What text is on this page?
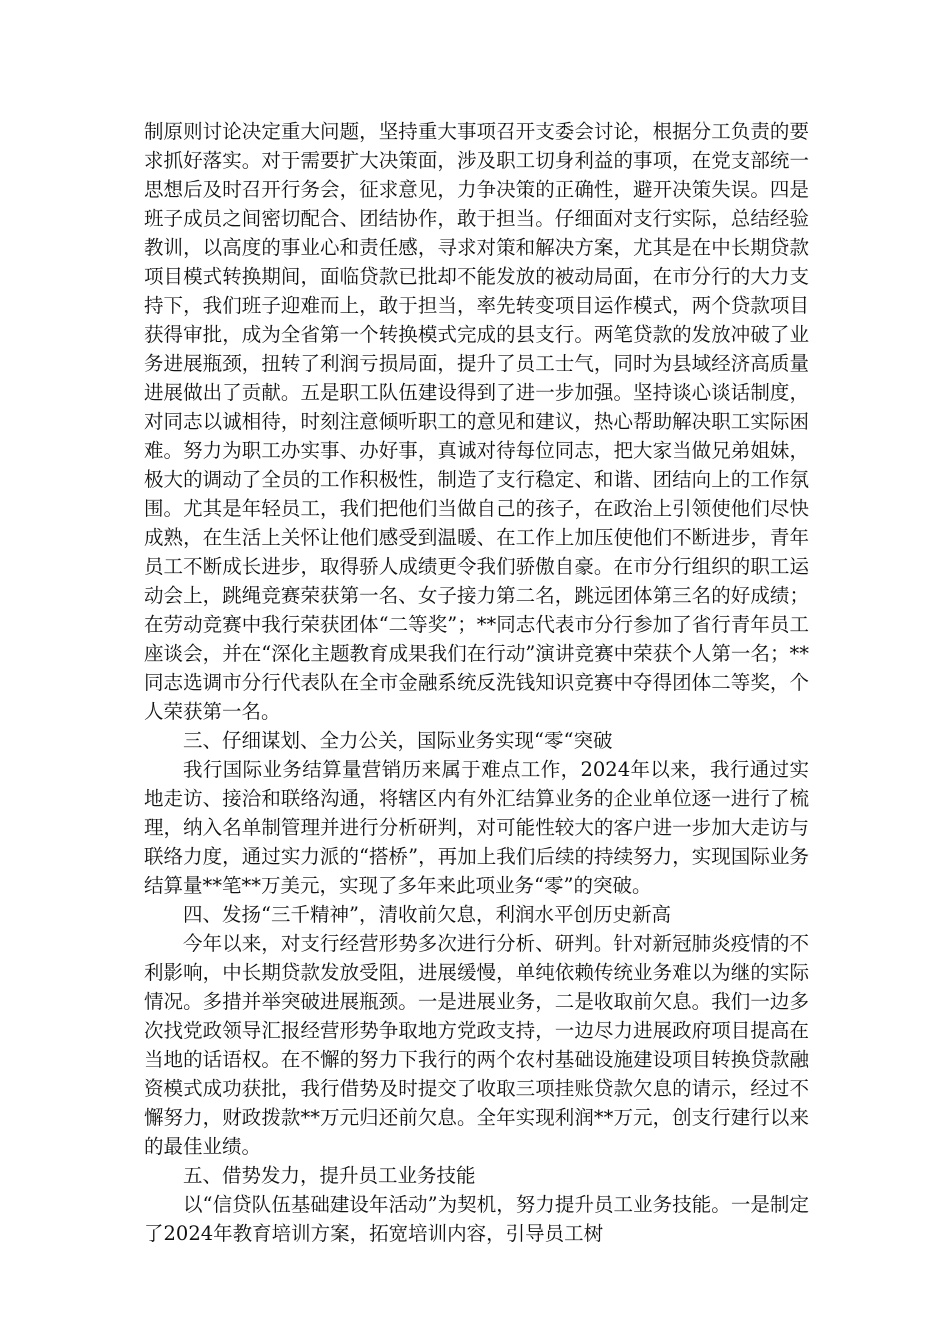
制原则讨论决定重大问题，坚持重大事项召开支委会讨论，根据分工负责的要求抓好落实。对于需要扩大决策面，涉及职工切身利益的事项，在党支部统一思想后及时召开行务会，征求意见，力争决策的正确性，避开决策失误。四是班子成员之间密切配合、团结协作，敢于担当。仔细面对支行实际，总结经验教训，以高度的事业心和责任感，寻求对策和解决方案，尤其是在中长期贷款项目模式转换期间，面临贷款已批却不能发放的被动局面，在市分行的大力支持下，我们班子迎难而上，敢于担当，率先转变项目运作模式，两个贷款项目获得审批，成为全省第一个转换模式完成的县支行。两笔贷款的发放冲破了业务进展瓶颈，扭转了利润亏损局面，提升了员工士气，同时为县域经济高质量进展做出了贡献。五是职工队伍建设得到了进一步加强。坚持谈心谈话制度，对同志以诚相待，时刻注意倾听职工的意见和建议，热心帮助解决职工实际困难。努力为职工办实事、办好事，真诚对待每位同志，把大家当做兄弟姐妹，极大的调动了全员的工作积极性，制造了支行稳定、和谐、团结向上的工作氛围。尤其是年轻员工，我们把他们当做自己的孩子，在政治上引领使他们尽快成熟，在生活上关怀让他们感受到温暖、在工作上加压使他们不断进步，青年员工不断成长进步，取得骄人成绩更令我们骄傲自豪。在市分行组织的职工运动会上，跳绳竞赛荣获第一名、女子接力第二名，跳远团体第三名的好成绩；在劳动竞赛中我行荣获团体“二等奖”；**同志代表市分行参加了省行青年员工座谈会，并在“深化主题教育成果我们在行动”演讲竞赛中荣获个人第一名；**同志选调市分行代表队在全市金融系统反洗钱知识竞赛中夺得团体二等奖，个人荣获第一名。

三、仔细谋划、全力公关，国际业务实现“零“突破

我行国际业务结算量营销历来属于难点工作，2024年以来，我行通过实地走访、接洽和联络沟通，将辖区内有外汇结算业务的企业单位逐一进行了梳理，纳入名单制管理并进行分析研判，对可能性较大的客户进一步加大走访与联络力度，通过实力派的“搭桥”，再加上我们后续的持续努力，实现国际业务结算量**笔**万美元，实现了多年来此项业务“零”的突破。

四、发扬“三千精神”，清收前欠息，利润水平创历史新高

今年以来，对支行经营形势多次进行分析、研判。针对新冠肺炎疫情的不利影响，中长期贷款发放受阻，进展缓慢，单纯依赖传统业务难以为继的实际情况。多措并举突破进展瓶颈。一是进展业务，二是收取前欠息。我们一边多次找党政领导汇报经营形势争取地方党政支持，一边尽力进展政府项目提高在当地的话语权。在不懈的努力下我行的两个农村基础设施建设项目转换贷款融资模式成功获批，我行借势及时提交了收取三项挂账贷款欠息的请示，经过不懈努力，财政拨款**万元归还前欠息。全年实现利润**万元，创支行建行以来的最佳业绩。

五、借势发力，提升员工业务技能

以“信贷队伍基础建设年活动”为契机，努力提升员工业务技能。一是制定了2024年教育培训方案，拓宽培训内容，引导员工树
